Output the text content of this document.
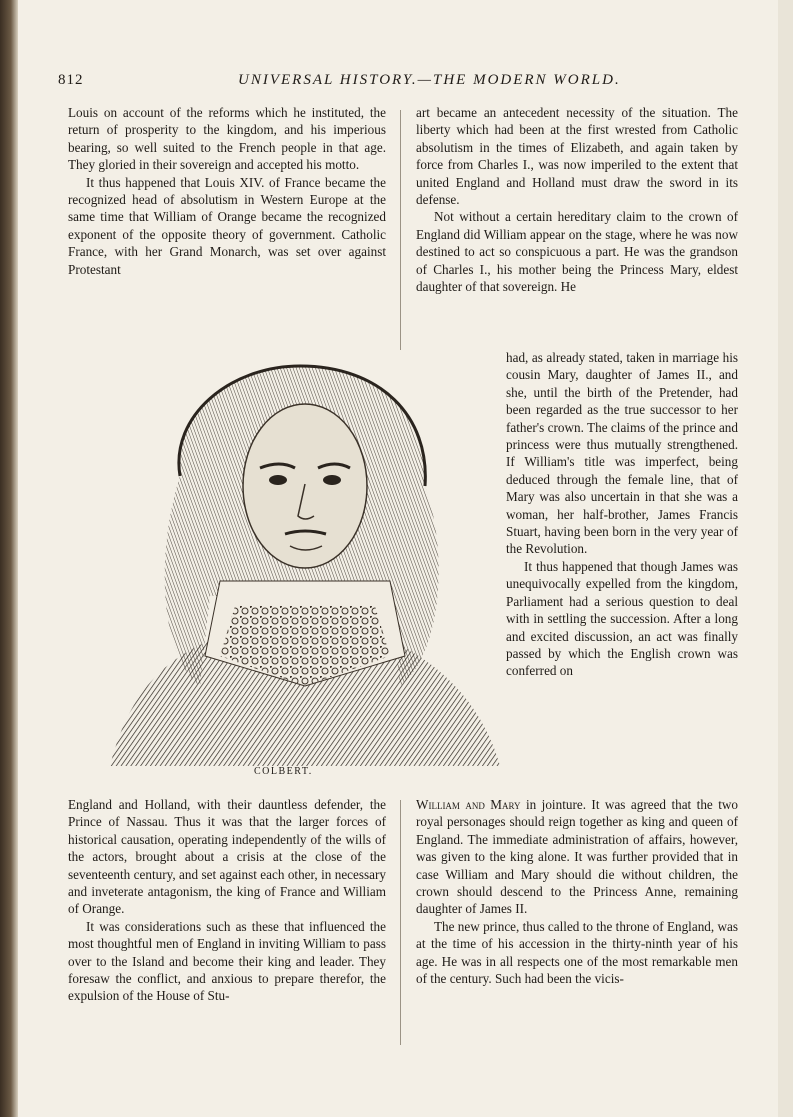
812	UNIVERSAL HISTORY.—THE MODERN WORLD.

Louis on account of the reforms which he instituted, the return of prosperity to the kingdom, and his imperious bearing, so well suited to the French people in that age. They gloried in their sovereign and accepted his motto.

It thus happened that Louis XIV. of France became the recognized head of absolutism in Western Europe at the same time that William of Orange became the recognized exponent of the opposite theory of government. Catholic France, with her Grand Monarch, was set over against Protestant

art became an antecedent necessity of the situation. The liberty which had been at the first wrested from Catholic absolutism in the times of Elizabeth, and again taken by force from Charles I., was now imperiled to the extent that united England and Holland must draw the sword in its defense.

Not without a certain hereditary claim to the crown of England did William appear on the stage, where he was now destined to act so conspicuous a part. He was the grandson of Charles I., his mother being the Princess Mary, eldest daughter of that sovereign. He

had, as already stated, taken in marriage his cousin Mary, daughter of James II., and she, until the birth of the Pretender, had been regarded as the true successor to her father's crown. The claims of the prince and princess were thus mutually strengthened. If William's title was imperfect, being deduced through the female line, that of Mary was also uncertain in that she was a woman, her half-brother, James Francis Stuart, having been born in the very year of the Revolution.

It thus happened that though James was unequivocally expelled from the kingdom, Parliament had a serious question to deal with in settling the succession. After a long and excited discussion, an act was finally passed by which the English crown was conferred on

COLBERT.

England and Holland, with their dauntless defender, the Prince of Nassau. Thus it was that the larger forces of historical causation, operating independently of the wills of the actors, brought about a crisis at the close of the seventeenth century, and set against each other, in necessary and inveterate antagonism, the king of France and William of Orange.

It was considerations such as these that influenced the most thoughtful men of England in inviting William to pass over to the Island and become their king and leader. They foresaw the conflict, and anxious to prepare therefor, the expulsion of the House of Stu-

William and Mary in jointure. It was agreed that the two royal personages should reign together as king and queen of England. The immediate administration of affairs, however, was given to the king alone. It was further provided that in case William and Mary should die without children, the crown should descend to the Princess Anne, remaining daughter of James II.

The new prince, thus called to the throne of England, was at the time of his accession in the thirty-ninth year of his age. He was in all respects one of the most remarkable men of the century. Such had been the vicis-
